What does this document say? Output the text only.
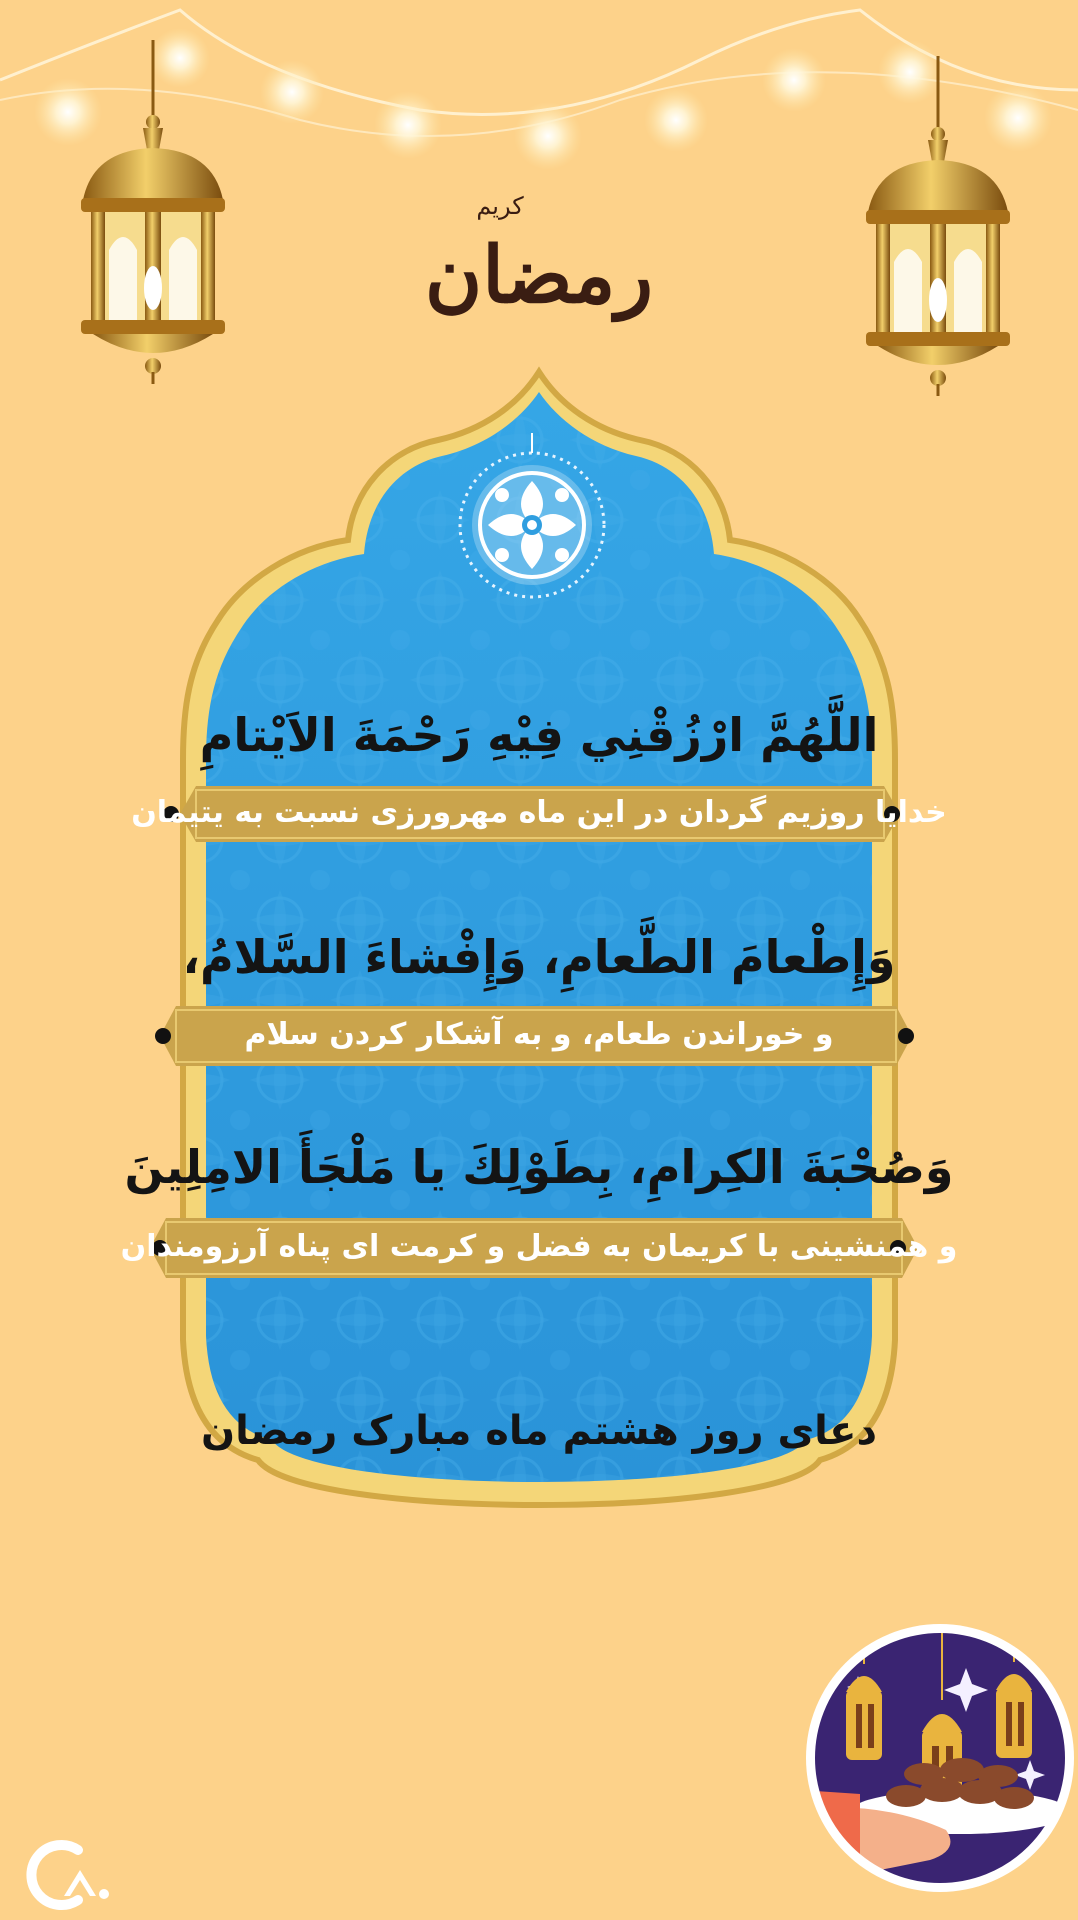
رمضان
کریم
اللَّهُمَّ ارْزُقْنِي فِيْهِ رَحْمَةَ الاَيْتامِ
خدایا روزیم گردان در این ماه مهرورزی نسبت به یتیمان
وَإِطْعامَ الطَّعامِ، وَإِفْشاءَ السَّلامُ،
و خوراندن طعام، و به آشکار کردن سلام
وَصُحْبَةَ الكِرامِ، بِطَوْلِكَ يا مَلْجَأَ الامِلِينَ
و همنشینی با کریمان به فضل و کرمت ای پناه آرزومندان
دعای روز هشتم ماه مبارک رمضان
